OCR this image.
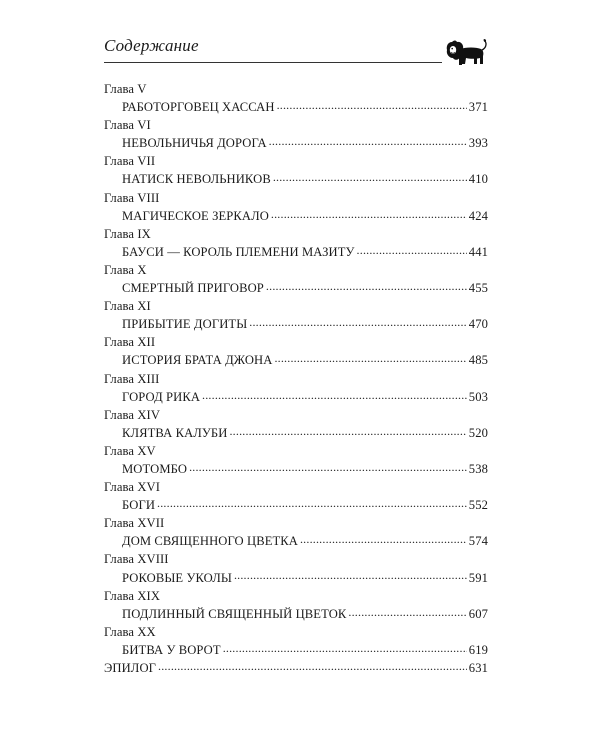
Содержание
Глава V
РАБОТОРГОВЕЦ ХАССАН . . .	371
Глава VI
НЕВОЛЬНИЧЬЯ ДОРОГА . . .	393
Глава VII
НАТИСК НЕВОЛЬНИКОВ . . .	410
Глава VIII
МАГИЧЕСКОЕ ЗЕРКАЛО . . .	424
Глава IX
БАУСИ — КОРОЛЬ ПЛЕМЕНИ МАЗИТУ . . .	441
Глава X
СМЕРТНЫЙ ПРИГОВОР . . .	455
Глава XI
ПРИБЫТИЕ ДОГИТЫ . . .	470
Глава XII
ИСТОРИЯ БРАТА ДЖОНА . . .	485
Глава XIII
ГОРОД РИКА . . .	503
Глава XIV
КЛЯТВА КАЛУБИ . . .	520
Глава XV
МОТОМБО . . .	538
Глава XVI
БОГИ . . .	552
Глава XVII
ДОМ СВЯЩЕННОГО ЦВЕТКА . . .	574
Глава XVIII
РОКОВЫЕ УКОЛЫ . . .	591
Глава XIX
ПОДЛИННЫЙ СВЯЩЕННЫЙ ЦВЕТОК . . .	607
Глава XX
БИТВА У ВОРОТ . . .	619
ЭПИЛОГ . . .	631
